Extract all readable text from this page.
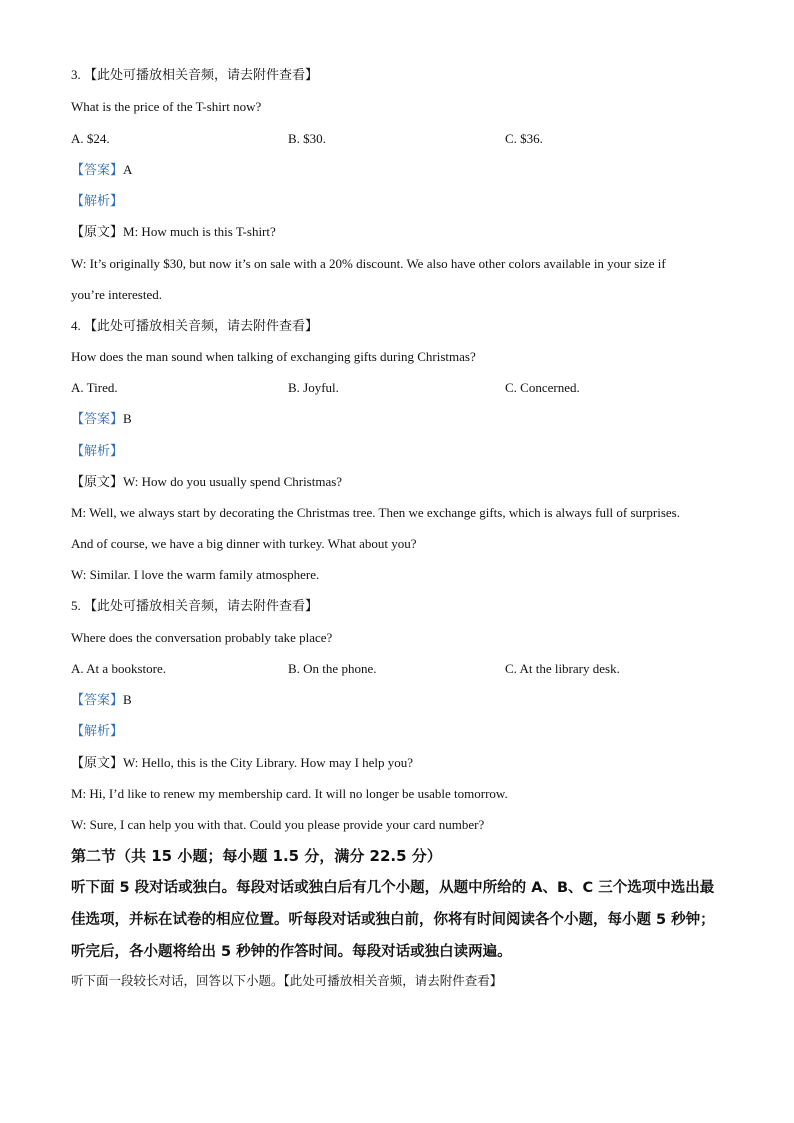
3. 【此处可播放相关音频，请去附件查看】
What is the price of the T-shirt now?
A. $24.	B. $30.	C. $36.
【答案】A
【解析】
【原文】M: How much is this T-shirt?
W: It’s originally $30, but now it’s on sale with a 20% discount. We also have other colors available in your size if
you’re interested.
4. 【此处可播放相关音频，请去附件查看】
How does the man sound when talking of exchanging gifts during Christmas?
A. Tired.	B. Joyful.	C. Concerned.
【答案】B
【解析】
【原文】W: How do you usually spend Christmas?
M: Well, we always start by decorating the Christmas tree. Then we exchange gifts, which is always full of surprises.
And of course, we have a big dinner with turkey. What about you?
W: Similar. I love the warm family atmosphere.
5. 【此处可播放相关音频，请去附件查看】
Where does the conversation probably take place?
A. At a bookstore.	B. On the phone.	C. At the library desk.
【答案】B
【解析】
【原文】W: Hello, this is the City Library. How may I help you?
M: Hi, I’d like to renew my membership card. It will no longer be usable tomorrow.
W: Sure, I can help you with that. Could you please provide your card number?
第二节（共 15 小题；每小题 1.5 分，满分 22.5 分）
听下面 5 段对话或独白。每段对话或独白后有几个小题，从题中所给的 A、B、C 三个选项中选出最佳选项，并标在试卷的相应位置。听每段对话或独白前，你将有时间阅读各个小题，每小题 5 秒钟；听完后，各小题将给出 5 秒钟的作答时间。每段对话或独白读两遍。
听下面一段较长对话，回答以下小题。【此处可播放相关音频，请去附件查看】
